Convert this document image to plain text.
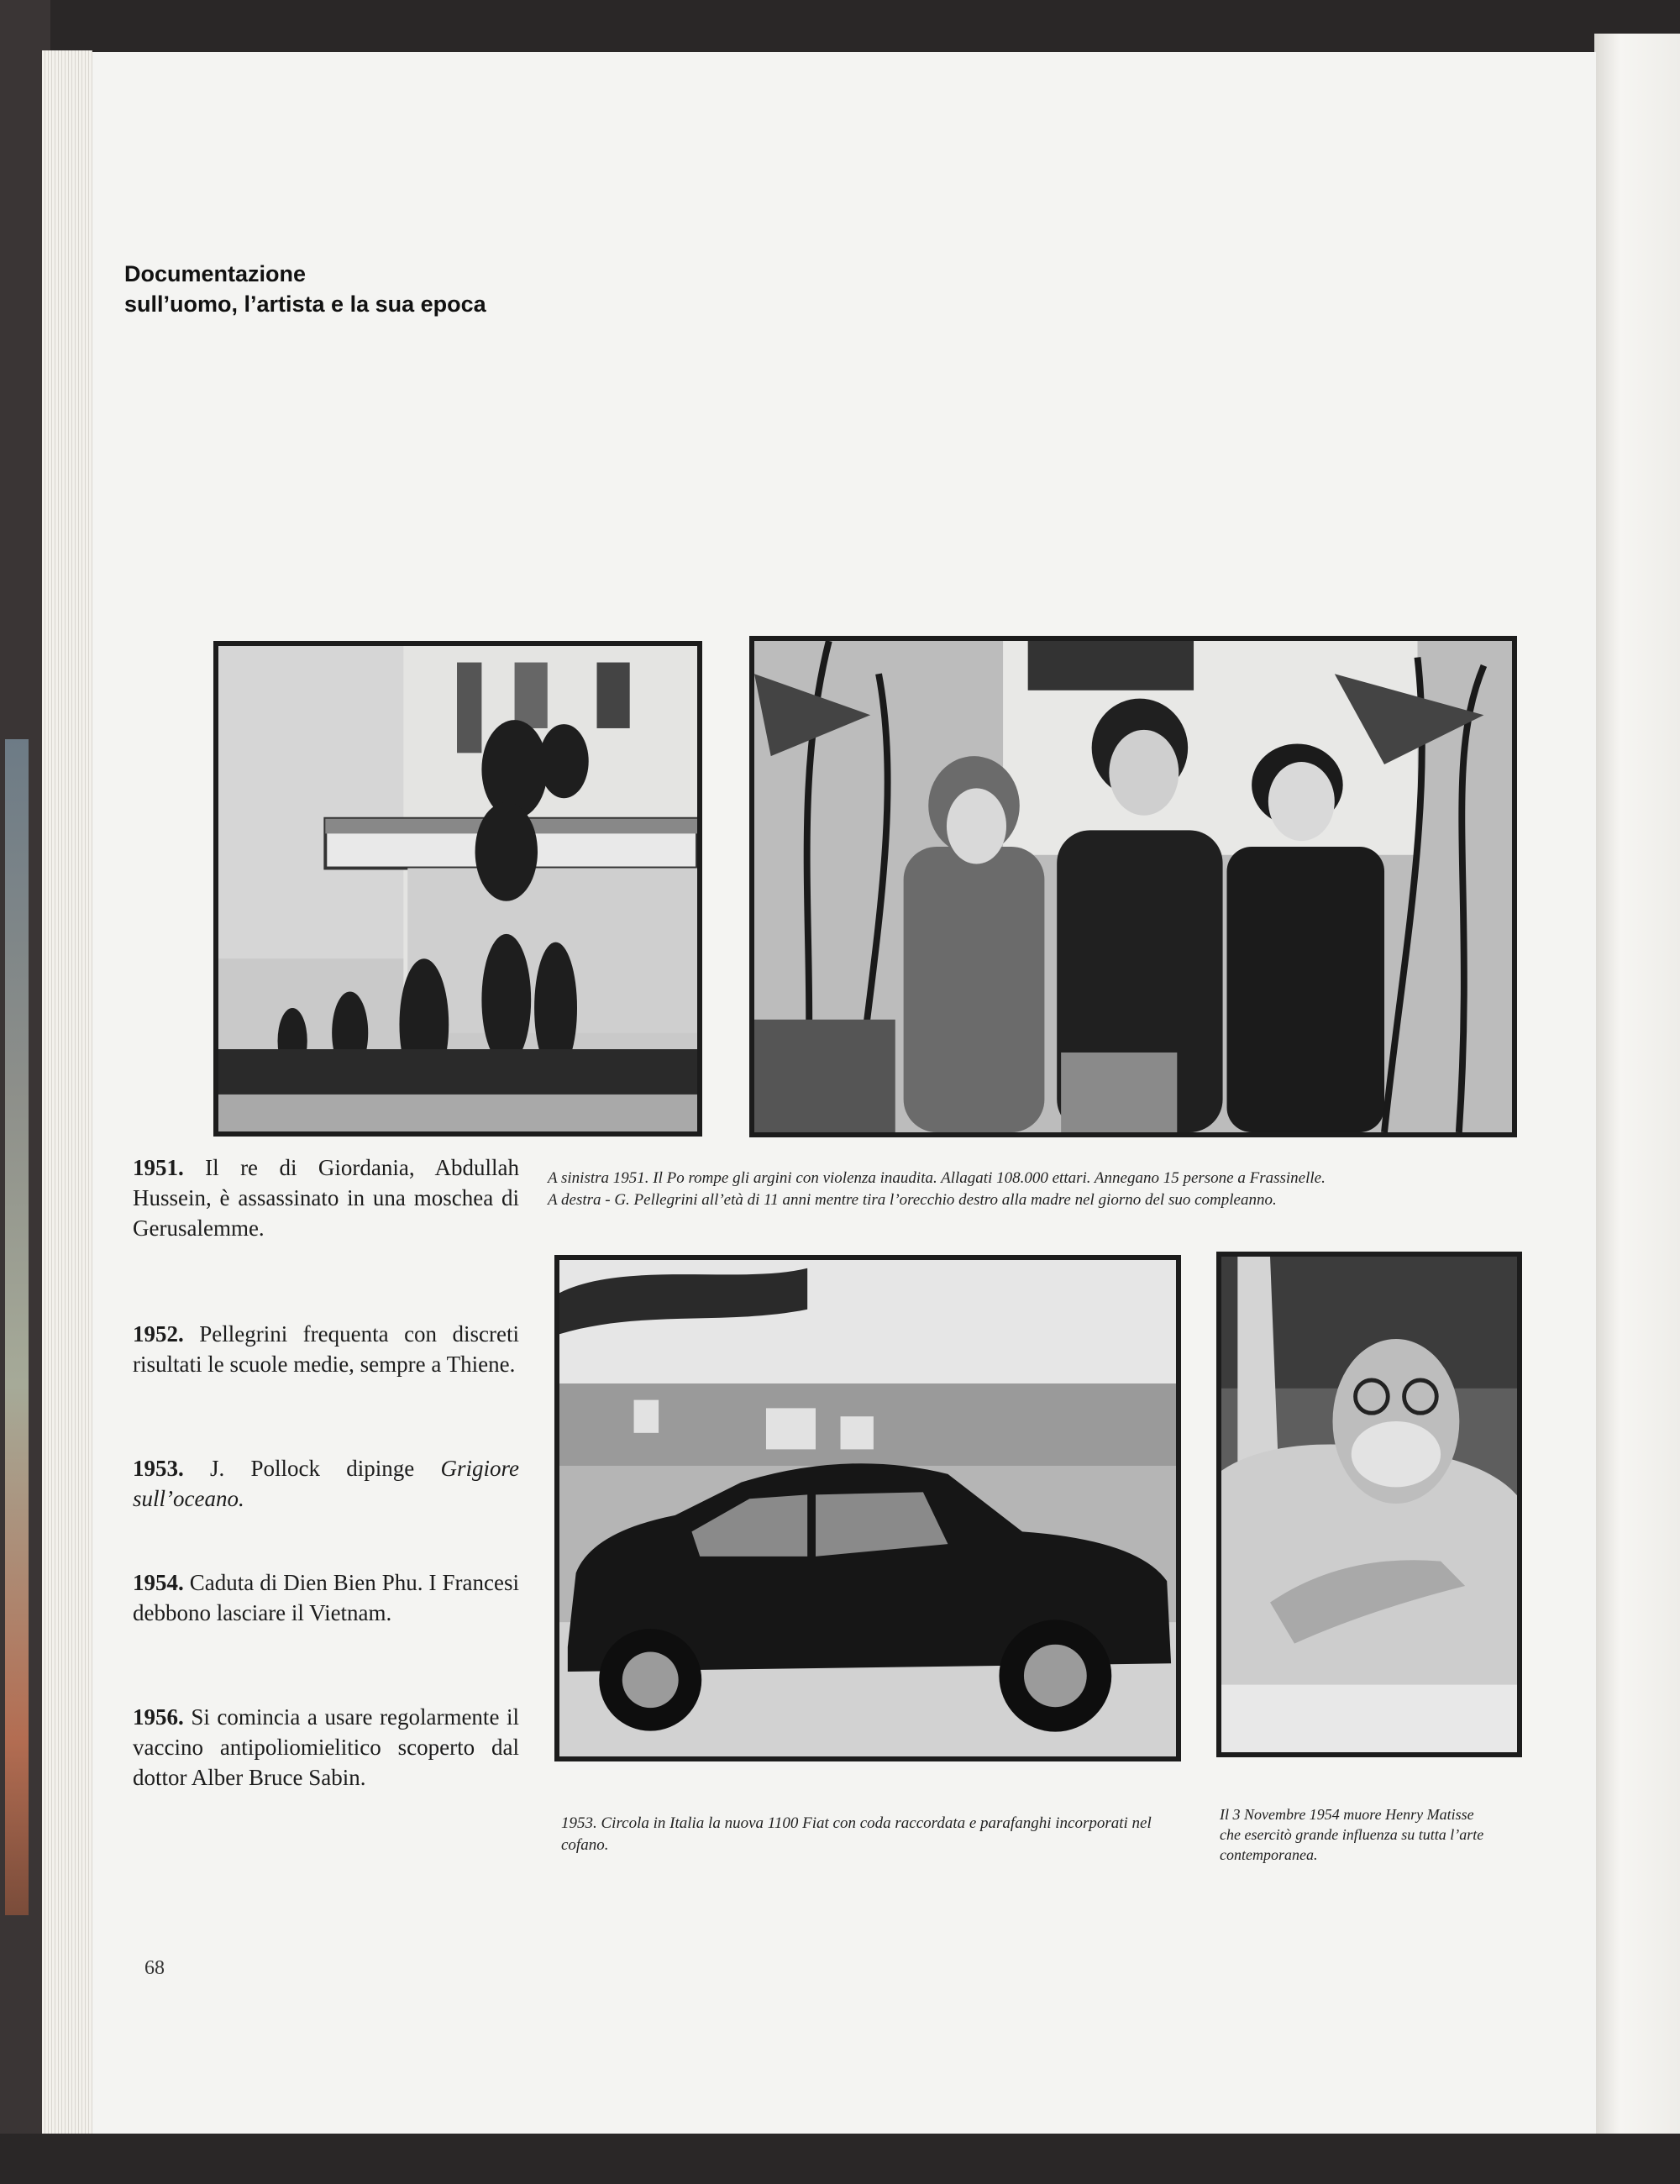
Documentazione
sull’uomo, l’artista e la sua epoca
1951. Il re di Giordania, Abdullah Hussein, è assassinato in una moschea di Gerusalemme.
1952. Pellegrini frequenta con discreti risultati le scuole medie, sempre a Thiene.
1953. J. Pollock dipinge Grigiore sull’oceano.
1954. Caduta di Dien Bien Phu. I Francesi debbono lasciare il Vietnam.
1956. Si comincia a usare regolarmente il vaccino antipoliomielitico scoperto dal dottor Alber Bruce Sabin.
A sinistra 1951. Il Po rompe gli argini con violenza inaudita. Allagati 108.000 ettari. Annegano 15 persone a Frassinelle.
A destra - G. Pellegrini all’età di 11 anni mentre tira l’orecchio destro alla madre nel giorno del suo compleanno.
1953. Circola in Italia la nuova 1100 Fiat con coda raccordata e parafanghi incorporati nel cofano.
Il 3 Novembre 1954 muore Henry Matisse che esercitò grande influenza su tutta l’arte contemporanea.
68
